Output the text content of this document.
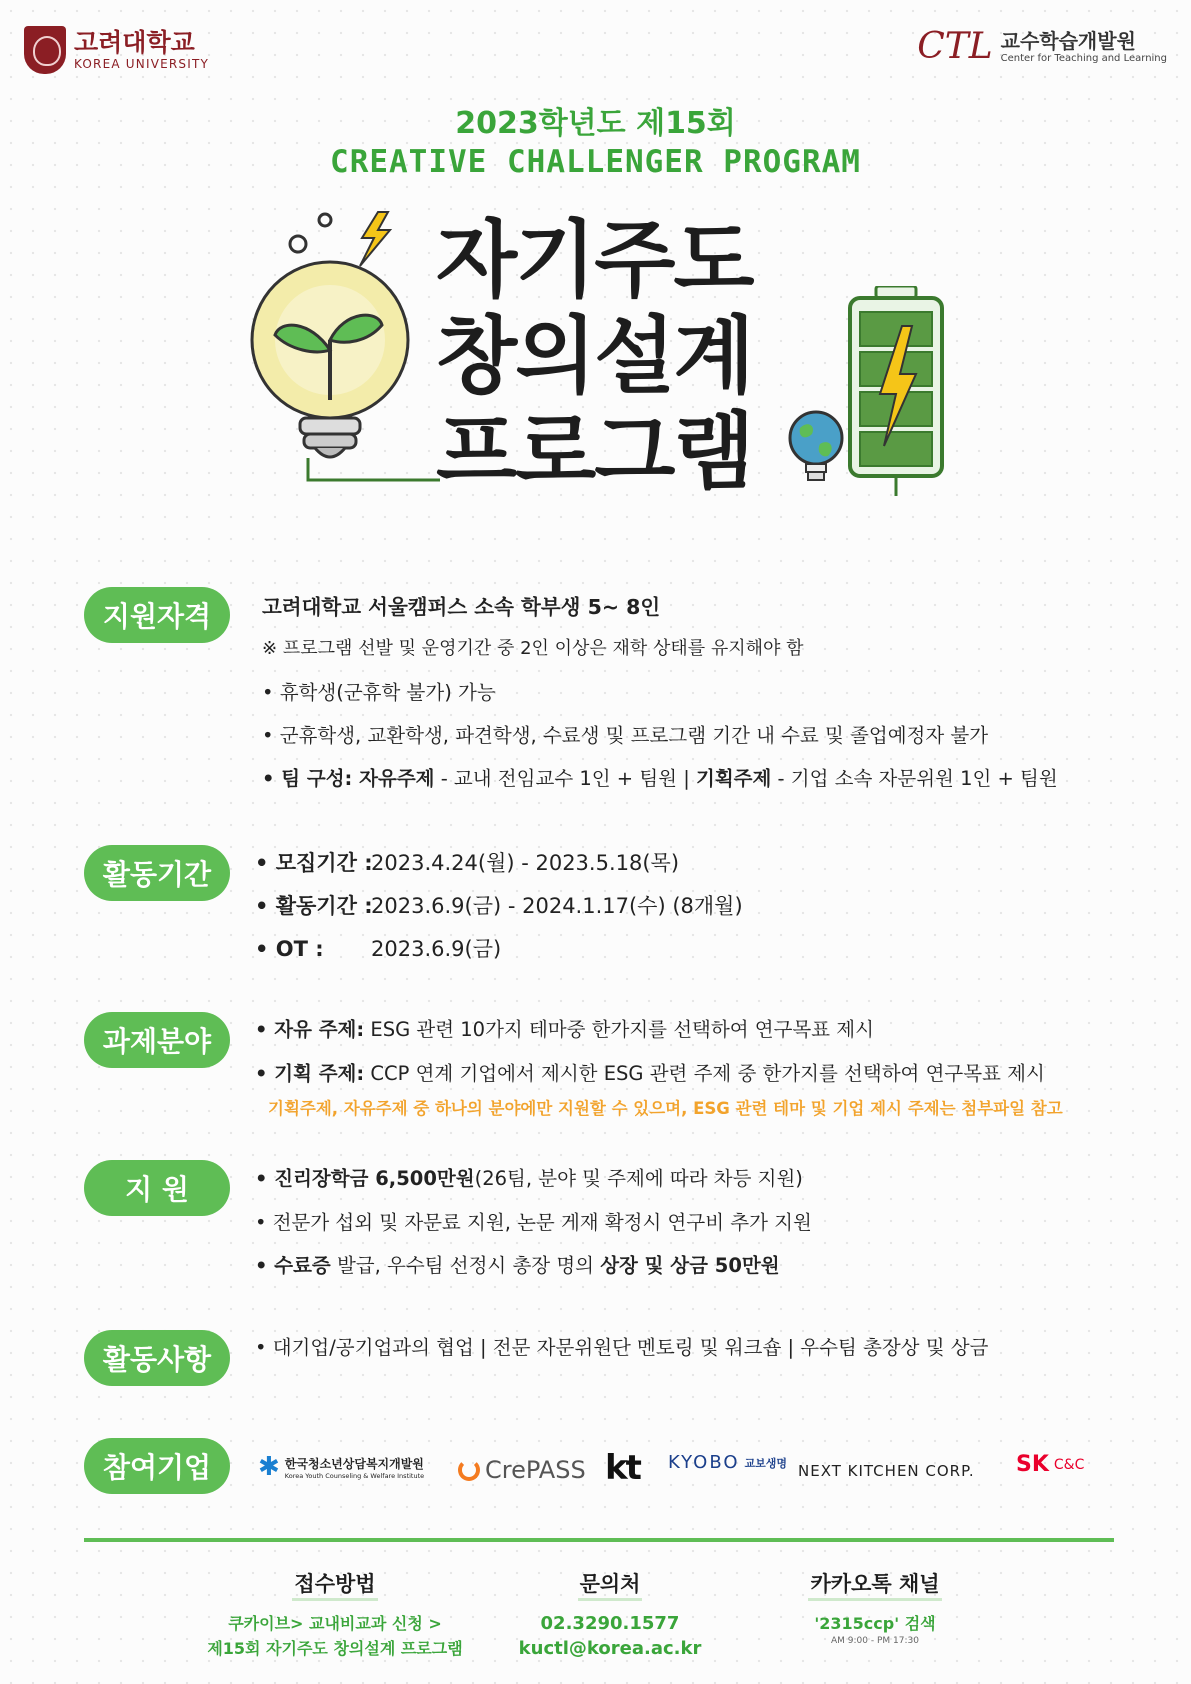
고려대학교
KOREA UNIVERSITY	CTL 교수학습개발원
Center for Teaching and Learning
2023학년도 제15회
CREATIVE CHALLENGER PROGRAM
자기주도
창의설계
프로그램
지원자격	고려대학교 서울캠퍼스 소속 학부생 5~ 8인
※ 프로그램 선발 및 운영기간 중 2인 이상은 재학 상태를 유지해야 함
• 휴학생(군휴학 불가) 가능
• 군휴학생, 교환학생, 파견학생, 수료생 및 프로그램 기간 내 수료 및 졸업예정자 불가
• 팀 구성: 자유주제 - 교내 전임교수 1인 + 팀원 | 기획주제 - 기업 소속 자문위원 1인 + 팀원
활동기간	• 모집기간 :2023.4.24(월) - 2023.5.18(목)
• 활동기간 :2023.6.9(금) - 2024.1.17(수) (8개월)
• OT : 2023.6.9(금)
과제분야	• 자유 주제: ESG 관련 10가지 테마중 한가지를 선택하여 연구목표 제시
• 기획 주제: CCP 연계 기업에서 제시한 ESG 관련 주제 중 한가지를 선택하여 연구목표 제시
기획주제, 자유주제 중 하나의 분야에만 지원할 수 있으며, ESG 관련 테마 및 기업 제시 주제는 첨부파일 참고
지 원	• 진리장학금 6,500만원(26팀, 분야 및 주제에 따라 차등 지원)
• 전문가 섭외 및 자문료 지원, 논문 게재 확정시 연구비 추가 지원
• 수료증 발급, 우수팀 선정시 총장 명의 상장 및 상금 50만원
활동사항	• 대기업/공기업과의 협업 | 전문 자문위원단 멘토링 및 워크숍 | 우수팀 총장상 및 상금
참여기업	✱ 한국청소년상담복지개발원
Korea Youth Counseling & Welfare Institute	CrePASS kt KYOBO 교보생명 NEXT KITCHEN CORP. SK C&C
접수방법
쿠카이브> 교내비교과 신청 >
제15회 자기주도 창의설계 프로그램
문의처
02.3290.1577
kuctl@korea.ac.kr
카카오톡 채널
'2315ccp' 검색
AM 9:00 - PM 17:30
